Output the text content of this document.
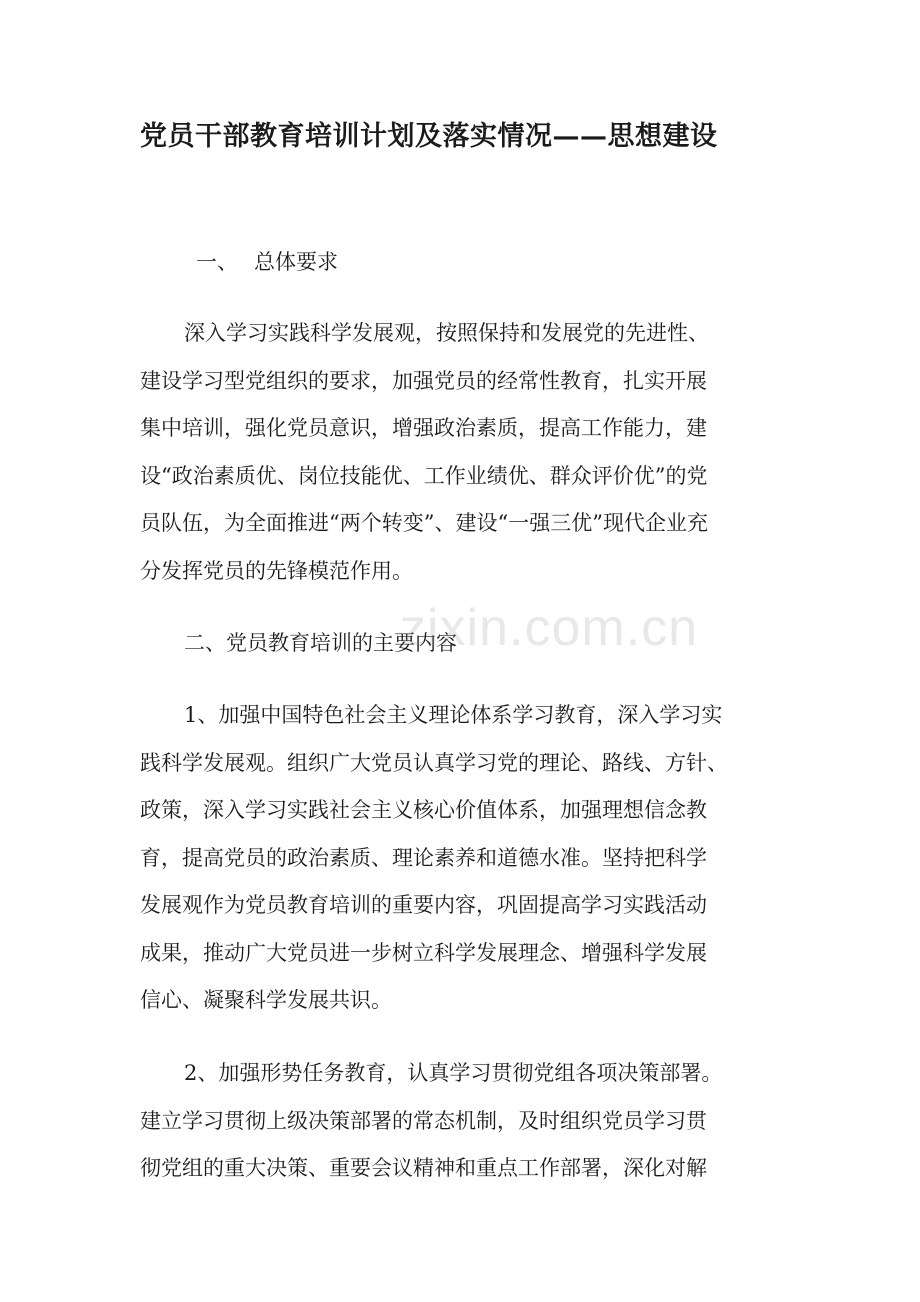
党员干部教育培训计划及落实情况——思想建设
一、 总体要求
深入学习实践科学发展观，按照保持和发展党的先进性、
建设学习型党组织的要求，加强党员的经常性教育，扎实开展
集中培训，强化党员意识，增强政治素质，提高工作能力，建
设“政治素质优、岗位技能优、工作业绩优、群众评价优”的党
员队伍，为全面推进“两个转变”、建设“一强三优”现代企业充
分发挥党员的先锋模范作用。
二、党员教育培训的主要内容
1、加强中国特色社会主义理论体系学习教育，深入学习实
践科学发展观。组织广大党员认真学习党的理论、路线、方针、
政策，深入学习实践社会主义核心价值体系，加强理想信念教
育，提高党员的政治素质、理论素养和道德水准。坚持把科学
发展观作为党员教育培训的重要内容，巩固提高学习实践活动
成果，推动广大党员进一步树立科学发展理念、增强科学发展
信心、凝聚科学发展共识。
2、加强形势任务教育，认真学习贯彻党组各项决策部署。
建立学习贯彻上级决策部署的常态机制，及时组织党员学习贯
彻党组的重大决策、重要会议精神和重点工作部署，深化对解
zixin.com.cn
